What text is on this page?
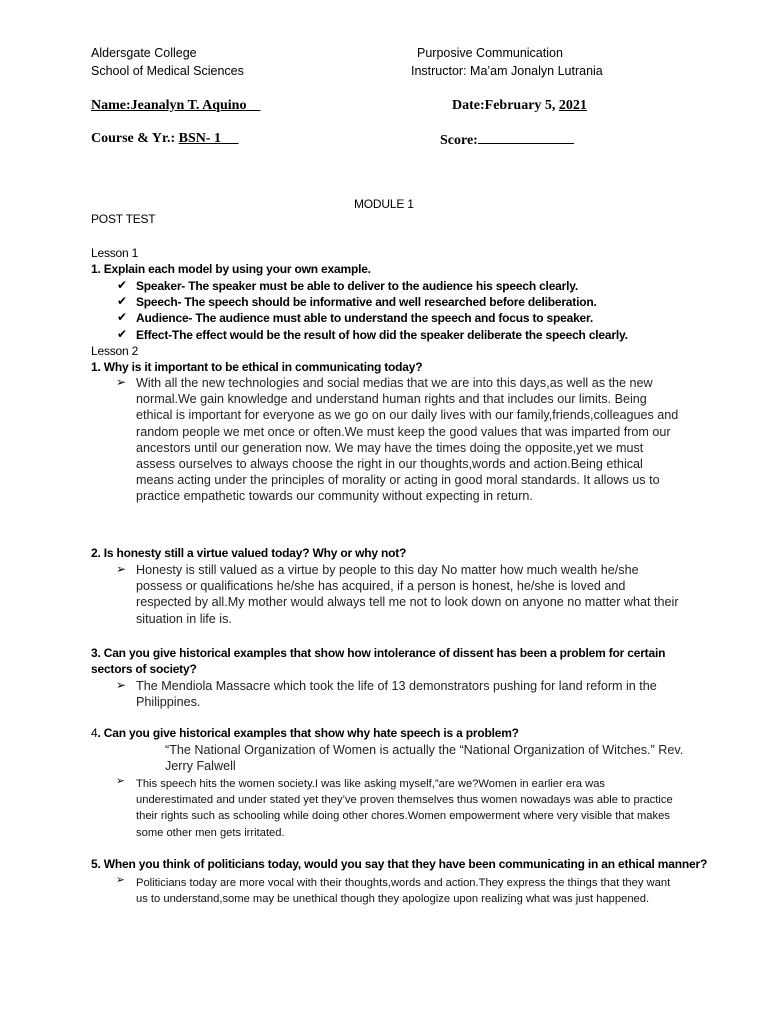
Aldersgate College
School of Medical Sciences
Purposive Communication
Instructor: Ma’am Jonalyn Lutrania
Name:Jeanalyn T. Aquino	Date:February 5, 2021
Course & Yr.: BSN- 1	Score:
MODULE 1
POST TEST
Lesson 1
1. Explain each model by using your own example.
✔ Speaker- The speaker must be able to deliver to the audience his speech clearly.
✔ Speech- The speech should be informative and well researched before deliberation.
✔ Audience- The audience must able to understand the speech and focus to speaker.
✔ Effect-The effect would be the result of how did the speaker deliberate the speech clearly.
Lesson 2
1. Why is it important to be ethical in communicating today?
➢ With all the new technologies and social medias that we are into this days,as well as the new normal.We gain knowledge and understand human rights and that includes our limits. Being ethical is important for everyone as we go on our daily lives with our family,friends,colleagues and random people we met once or often.We must keep the good values that was imparted from our ancestors until our generation now. We may have the times doing the opposite,yet we must assess ourselves to always choose the right in our thoughts,words and action.Being ethical means acting under the principles of morality or acting in good moral standards. It allows us to practice empathetic towards our community without expecting in return.
2. Is honesty still a virtue valued today? Why or why not?
➢ Honesty is still valued as a virtue by people to this day No matter how much wealth he/she possess or qualifications he/she has acquired, if a person is honest, he/she is loved and respected by all.My mother would always tell me not to look down on anyone no matter what their situation in life is.
3. Can you give historical examples that show how intolerance of dissent has been a problem for certain sectors of society?
➢ The Mendiola Massacre which took the life of 13 demonstrators pushing for land reform in the Philippines.
4. Can you give historical examples that show why hate speech is a problem?
“The National Organization of Women is actually the “National Organization of Witches.” Rev. Jerry Falwell
➢ This speech hits the women society.I was like asking myself,”are we?Women in earlier era was underestimated and under stated yet they’ve proven themselves thus women nowadays was able to practice their rights such as schooling while doing other chores.Women empowerment where very visible that makes some other men gets irritated.
5. When you think of politicians today, would you say that they have been communicating in an ethical manner?
➢ Politicians today are more vocal with their thoughts,words and action.They express the things that they want us to understand,some may be unethical though they apologize upon realizing what was just happened.
